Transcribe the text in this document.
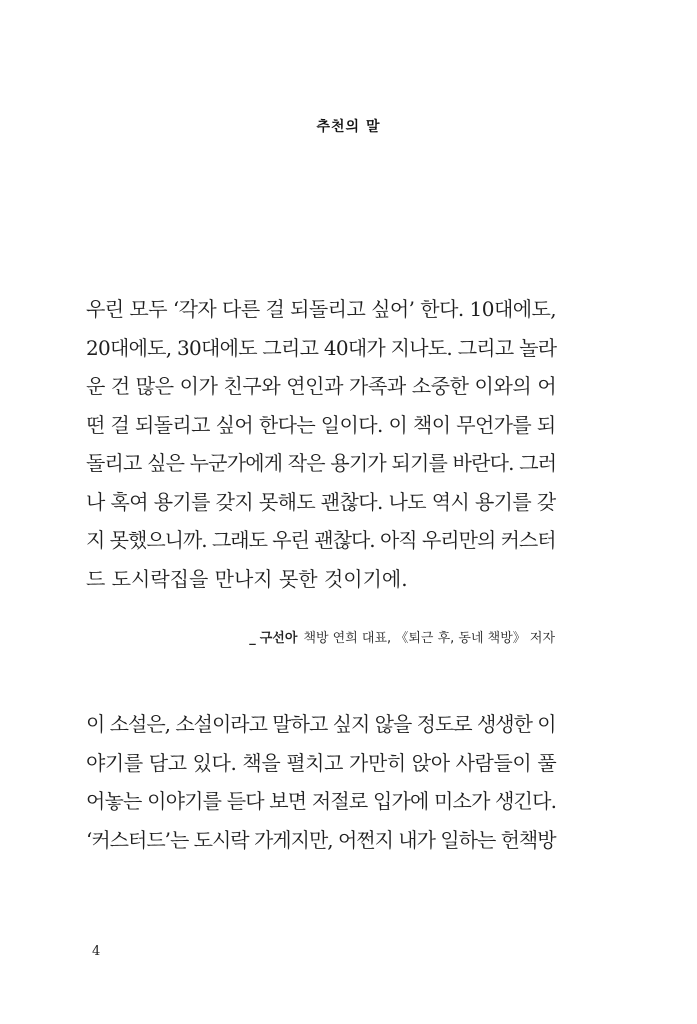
추천의 말
우린 모두 ‘각자 다른 걸 되돌리고 싶어’ 한다. 10대에도,
20대에도, 30대에도 그리고 40대가 지나도. 그리고 놀라
운 건 많은 이가 친구와 연인과 가족과 소중한 이와의 어
떤 걸 되돌리고 싶어 한다는 일이다. 이 책이 무언가를 되
돌리고 싶은 누군가에게 작은 용기가 되기를 바란다. 그러
나 혹여 용기를 갖지 못해도 괜찮다. 나도 역시 용기를 갖
지 못했으니까. 그래도 우린 괜찮다. 아직 우리만의 커스터
드 도시락집을 만나지 못한 것이기에.
_ 구선아 책방 연희 대표, 《퇴근 후, 동네 책방》 저자
이 소설은, 소설이라고 말하고 싶지 않을 정도로 생생한 이
야기를 담고 있다. 책을 펼치고 가만히 앉아 사람들이 풀
어놓는 이야기를 듣다 보면 저절로 입가에 미소가 생긴다.
‘커스터드’는 도시락 가게지만, 어쩐지 내가 일하는 헌책방
4
